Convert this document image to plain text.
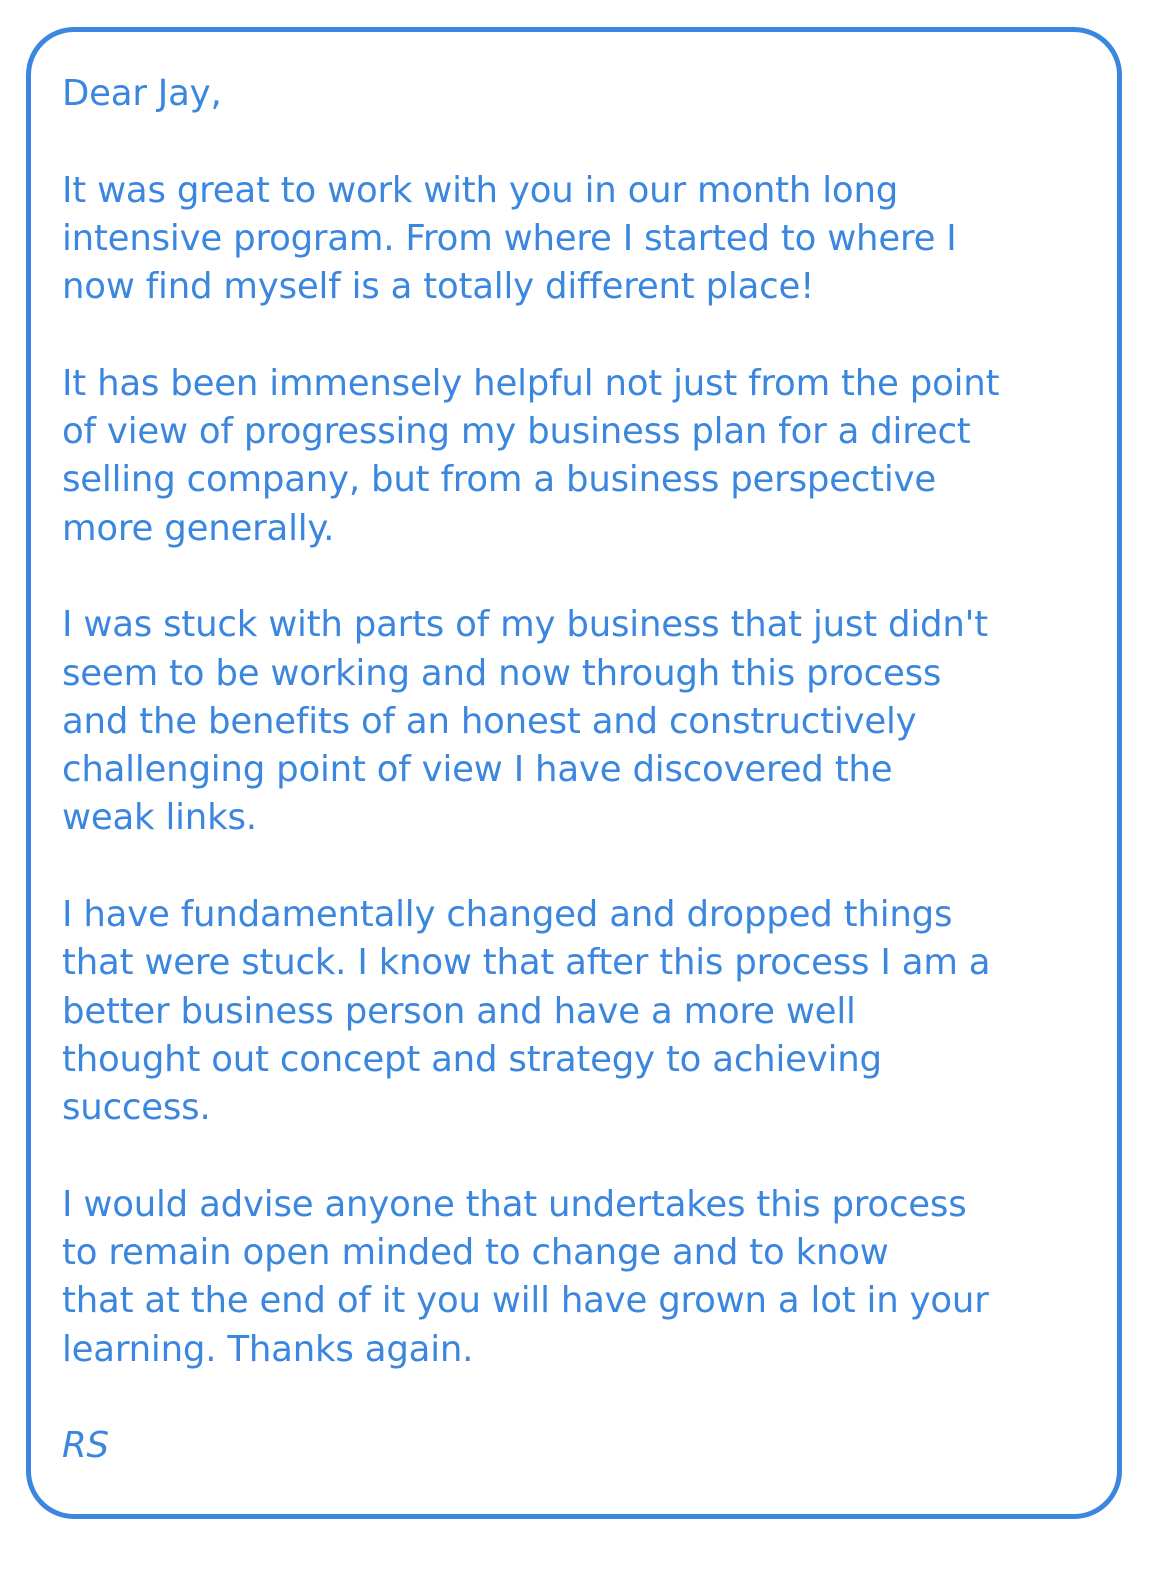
Dear Jay,

It was great to work with you in our month long
intensive program. From where I started to where I
now find myself is a totally different place!

It has been immensely helpful not just from the point
of view of progressing my business plan for a direct
selling company, but from a business perspective
more generally.

I was stuck with parts of my business that just didn't
seem to be working and now through this process
and the benefits of an honest and constructively
challenging point of view I have discovered the
weak links.

I have fundamentally changed and dropped things
that were stuck. I know that after this process I am a
better business person and have a more well
thought out concept and strategy to achieving
success.

I would advise anyone that undertakes this process
to remain open minded to change and to know
that at the end of it you will have grown a lot in your
learning. Thanks again.

RS
